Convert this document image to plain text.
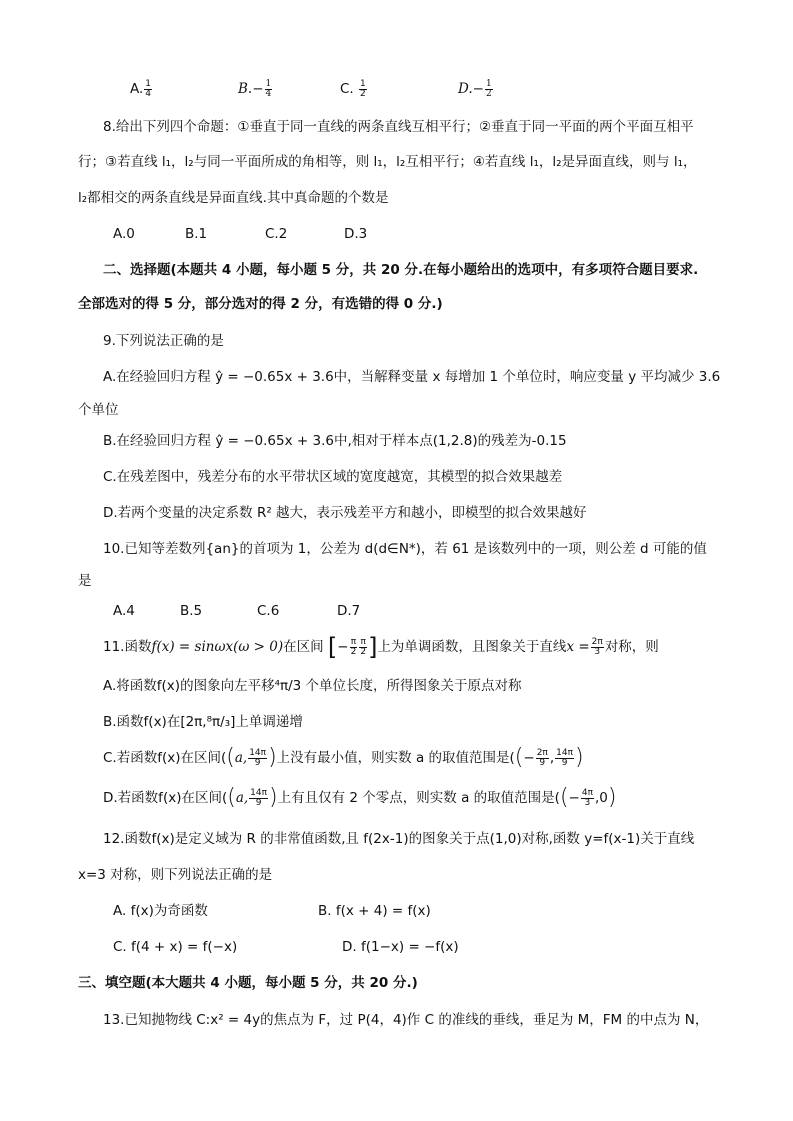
A. $\frac{1}{4}$	$B.- \frac{1}{4}$	C. $\frac{1}{2}$	$D.- \frac{1}{2}$
8.给出下列四个命题：①垂直于同一直线的两条直线互相平行；②垂直于同一平面的两个平面互相平
行；③若直线 l₁，l₂与同一平面所成的角相等，则 l₁，l₂互相平行；④若直线 l₁，l₂是异面直线，则与 l₁，
l₂都相交的两条直线是异面直线.其中真命题的个数是
A.0	B.1	C.2	D.3
二、选择题(本题共 4 小题，每小题 5 分，共 20 分.在每小题给出的选项中，有多项符合题目要求.
全部选对的得 5 分，部分选对的得 2 分，有选错的得 0 分.)
9.下列说法正确的是
A.在经验回归方程 ŷ = −0.65x + 3.6中，当解释变量 x 每增加 1 个单位时，响应变量 y 平均减少 3.6
个单位
B.在经验回归方程 ŷ = −0.65x + 3.6中,相对于样本点(1,2.8)的残差为-0.15
C.在残差图中，残差分布的水平带状区域的宽度越宽，其模型的拟合效果越差
D.若两个变量的决定系数 R² 越大，表示残差平方和越小，即模型的拟合效果越好
10.已知等差数列{an}的首项为 1，公差为 d(d∈N*)，若 61 是该数列中的一项，则公差 d 可能的值
是
A.4	B.5	C.6	D.7
11.函数f(x) = sinωx(ω > 0)在区间 [− $\frac{\pi}{2} \frac{\pi}{2}$ ]上为单调函数，且图象关于直线$x = \frac{2\pi}{3}$ 对称，则
A.将函数f(x)的图象向左平移⁴π/3 个单位长度，所得图象关于原点对称
B.函数f(x)在[2π,⁸π/₃]上单调递增
C.若函数f(x)在区间((a, $\frac{14\pi}{9}$ )上没有最小值，则实数 a 的取值范围是((− $\frac{2\pi}{9}$ , $\frac{14\pi}{9}$ )
D.若函数f(x)在区间((a, $\frac{14\pi}{9}$ )上有且仅有 2 个零点，则实数 a 的取值范围是((− $\frac{4\pi}{3} ,0$)
12.函数f(x)是定义域为 R 的非常值函数,且 f(2x-1)的图象关于点(1,0)对称,函数 y=f(x-1)关于直线
x=3 对称，则下列说法正确的是
A. f(x)为奇函数	B. f(x + 4) = f(x)
C. f(4 + x) = f(−x)	D. f(1−x) = −f(x)
三、填空题(本大题共 4 小题，每小题 5 分，共 20 分.)
13.已知抛物线 C:x² = 4y的焦点为 F，过 P(4，4)作 C 的准线的垂线，垂足为 M，FM 的中点为 N，
